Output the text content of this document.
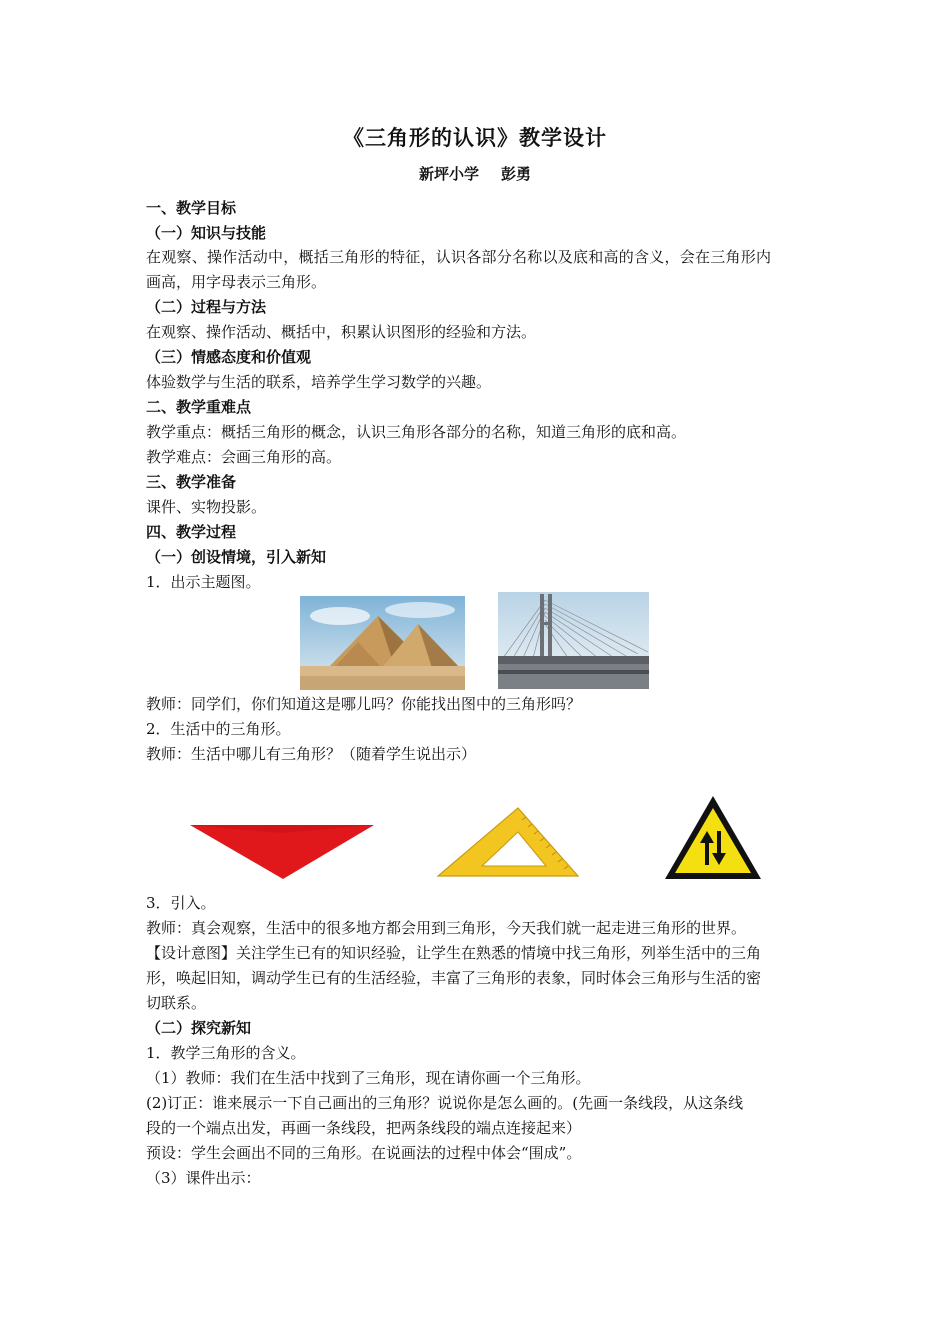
《三角形的认识》教学设计
新坪小学 彭勇
一、教学目标
（一）知识与技能
在观察、操作活动中，概括三角形的特征，认识各部分名称以及底和高的含义，会在三角形内
画高，用字母表示三角形。
（二）过程与方法
在观察、操作活动、概括中，积累认识图形的经验和方法。
（三）情感态度和价值观
体验数学与生活的联系，培养学生学习数学的兴趣。
二、教学重难点
教学重点：概括三角形的概念，认识三角形各部分的名称，知道三角形的底和高。
教学难点：会画三角形的高。
三、教学准备
课件、实物投影。
四、教学过程
（一）创设情境，引入新知
1．出示主题图。
教师：同学们，你们知道这是哪儿吗？你能找出图中的三角形吗？
2．生活中的三角形。
教师：生活中哪儿有三角形？（随着学生说出示）
3．引入。
教师：真会观察，生活中的很多地方都会用到三角形，今天我们就一起走进三角形的世界。
【设计意图】关注学生已有的知识经验，让学生在熟悉的情境中找三角形，列举生活中的三角
形，唤起旧知，调动学生已有的生活经验，丰富了三角形的表象，同时体会三角形与生活的密
切联系。
（二）探究新知
1．教学三角形的含义。
（1）教师：我们在生活中找到了三角形，现在请你画一个三角形。
(2)订正：谁来展示一下自己画出的三角形？说说你是怎么画的。(先画一条线段，从这条线
段的一个端点出发，再画一条线段，把两条线段的端点连接起来）
预设：学生会画出不同的三角形。在说画法的过程中体会“围成”。
（3）课件出示：
